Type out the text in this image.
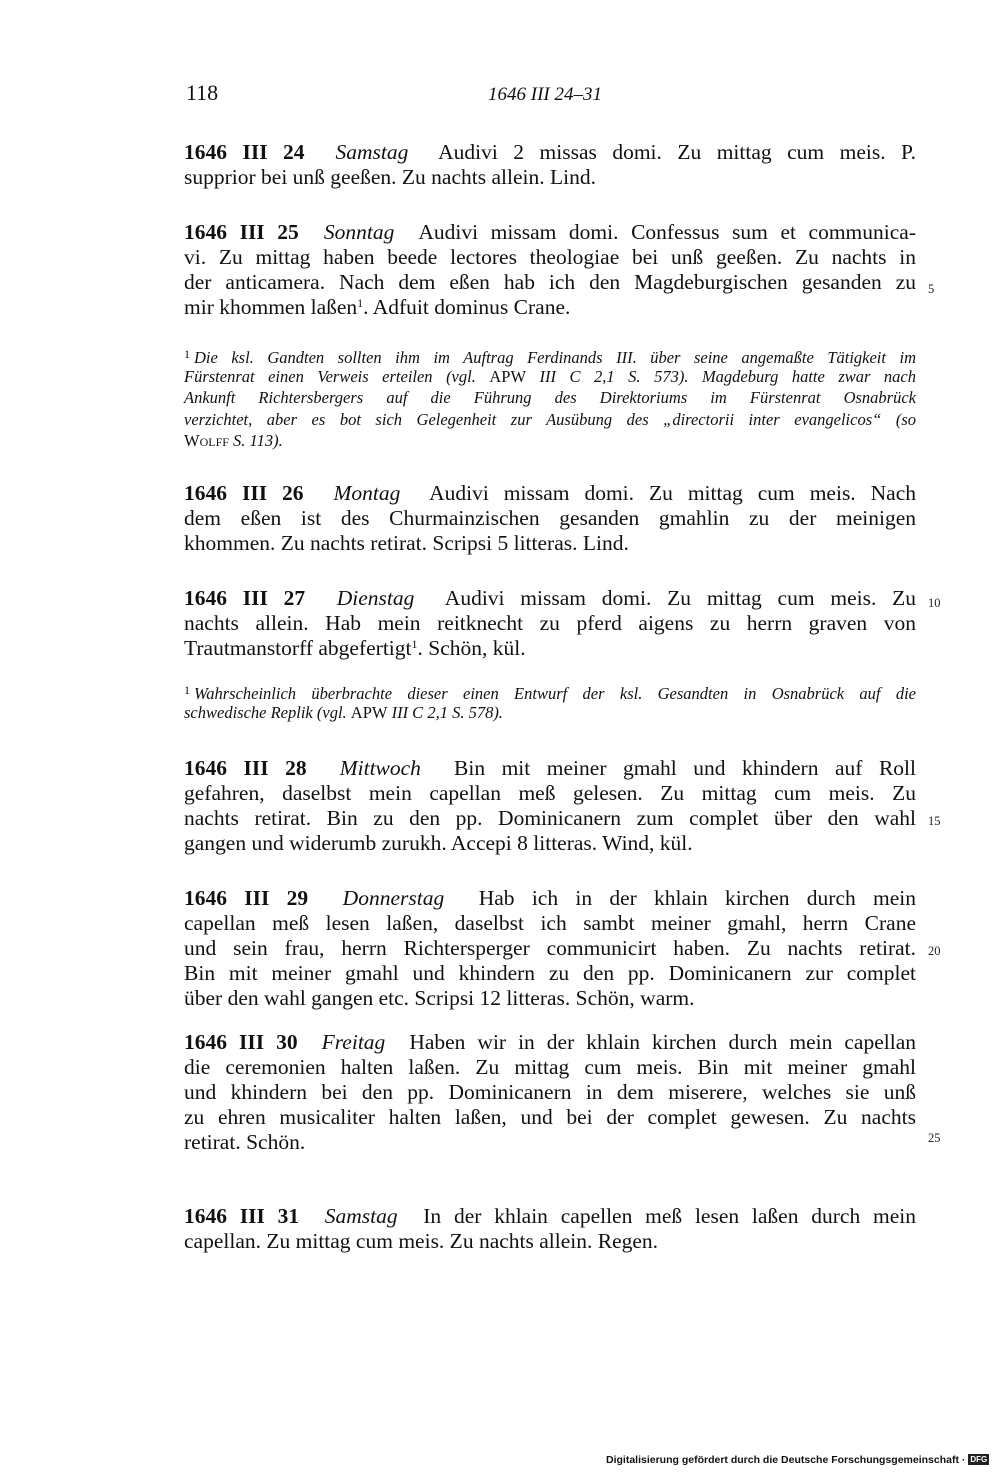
118	1646 III 24–31
1646 III 24 Samstag Audivi 2 missas domi. Zu mittag cum meis. P.
supprior bei unß geeßen. Zu nachts allein. Lind.
1646 III 25 Sonntag Audivi missam domi. Confessus sum et communica-
vi. Zu mittag haben beede lectores theologiae bei unß geeßen. Zu nachts in
der anticamera. Nach dem eßen hab ich den Magdeburgischen gesanden zu
mir khommen laßen$^1$. Adfuit dominus Crane.
$^1$ Die ksl. Gandten sollten ihm im Auftrag Ferdinands III. über seine angemaßte Tätigkeit im
Fürstenrat einen Verweis erteilen (vgl. APW III C 2,1 S. 573). Magdeburg hatte zwar nach
Ankunft Richtersbergers auf die Führung des Direktoriums im Fürstenrat Osnabrück
verzichtet, aber es bot sich Gelegenheit zur Ausübung des „directorii inter evangelicos“ (so
Wolff S. 113).
1646 III 26 Montag Audivi missam domi. Zu mittag cum meis. Nach
dem eßen ist des Churmainzischen gesanden gmahlin zu der meinigen
khommen. Zu nachts retirat. Scripsi 5 litteras. Lind.
1646 III 27 Dienstag Audivi missam domi. Zu mittag cum meis. Zu
nachts allein. Hab mein reitknecht zu pferd aigens zu herrn graven von
Trautmanstorff abgefertigt$^1$. Schön, kül.
$^1$ Wahrscheinlich überbrachte dieser einen Entwurf der ksl. Gesandten in Osnabrück auf die
schwedische Replik (vgl. APW III C 2,1 S. 578).
1646 III 28 Mittwoch Bin mit meiner gmahl und khindern auf Roll
gefahren, daselbst mein capellan meß gelesen. Zu mittag cum meis. Zu
nachts retirat. Bin zu den pp. Dominicanern zum complet über den wahl
gangen und widerumb zurukh. Accepi 8 litteras. Wind, kül.
1646 III 29 Donnerstag Hab ich in der khlain kirchen durch mein
capellan meß lesen laßen, daselbst ich sambt meiner gmahl, herrn Crane
und sein frau, herrn Richtersperger communicirt haben. Zu nachts retirat.
Bin mit meiner gmahl und khindern zu den pp. Dominicanern zur complet
über den wahl gangen etc. Scripsi 12 litteras. Schön, warm.
1646 III 30 Freitag Haben wir in der khlain kirchen durch mein capellan
die ceremonien halten laßen. Zu mittag cum meis. Bin mit meiner gmahl
und khindern bei den pp. Dominicanern in dem miserere, welches sie unß
zu ehren musicaliter halten laßen, und bei der complet gewesen. Zu nachts
retirat. Schön.
1646 III 31 Samstag In der khlain capellen meß lesen laßen durch mein
capellan. Zu mittag cum meis. Zu nachts allein. Regen.
5
10
15
20
25
Digitalisierung gefördert durch die Deutsche Forschungsgemeinschaft · DFG
